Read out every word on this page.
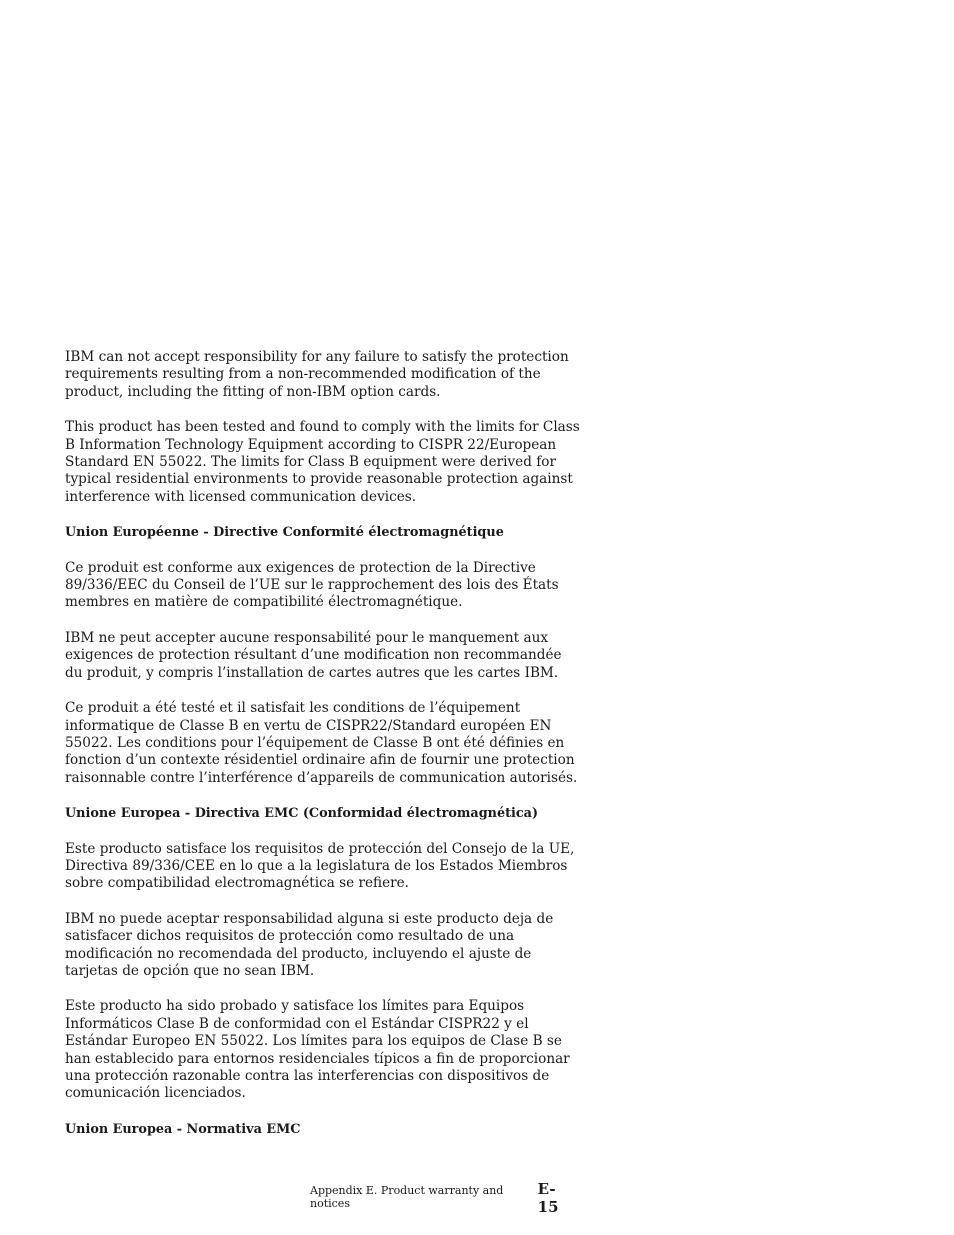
IBM can not accept responsibility for any failure to satisfy the protection requirements resulting from a non-recommended modification of the product, including the fitting of non-IBM option cards.

This product has been tested and found to comply with the limits for Class B Information Technology Equipment according to CISPR 22/European Standard EN 55022. The limits for Class B equipment were derived for typical residential environments to provide reasonable protection against interference with licensed communication devices.

Union Européenne - Directive Conformité électromagnétique

Ce produit est conforme aux exigences de protection de la Directive 89/336/EEC du Conseil de l’UE sur le rapprochement des lois des États membres en matière de compatibilité électromagnétique.

IBM ne peut accepter aucune responsabilité pour le manquement aux exigences de protection résultant d’une modification non recommandée du produit, y compris l’installation de cartes autres que les cartes IBM.

Ce produit a été testé et il satisfait les conditions de l’équipement informatique de Classe B en vertu de CISPR22/Standard européen EN 55022. Les conditions pour l’équipement de Classe B ont été définies en fonction d’un contexte résidentiel ordinaire afin de fournir une protection raisonnable contre l’interférence d’appareils de communication autorisés.

Unione Europea - Directiva EMC (Conformidad électromagnética)

Este producto satisface los requisitos de protección del Consejo de la UE, Directiva 89/336/CEE en lo que a la legislatura de los Estados Miembros sobre compatibilidad electromagnética se refiere.

IBM no puede aceptar responsabilidad alguna si este producto deja de satisfacer dichos requisitos de protección como resultado de una modificación no recomendada del producto, incluyendo el ajuste de tarjetas de opción que no sean IBM.

Este producto ha sido probado y satisface los límites para Equipos Informáticos Clase B de conformidad con el Estándar CISPR22 y el Estándar Europeo EN 55022. Los límites para los equipos de Clase B se han establecido para entornos residenciales típicos a fin de proporcionar una protección razonable contra las interferencias con dispositivos de comunicación licenciados.

Union Europea - Normativa EMC

Appendix E. Product warranty and notices
E-15
